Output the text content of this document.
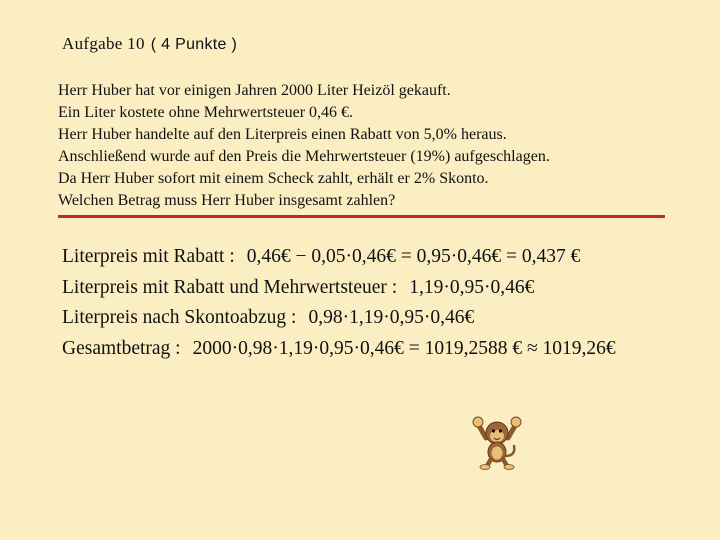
Aufgabe 10 ( 4 Punkte )
Herr Huber hat vor einigen Jahren 2000 Liter Heizöl gekauft.
Ein Liter kostete ohne Mehrwertsteuer 0,46 €.
Herr Huber handelte auf den Literpreis einen Rabatt von 5,0% heraus.
Anschließend wurde auf den Preis die Mehrwertsteuer (19%) aufgeschlagen.
Da Herr Huber sofort mit einem Scheck zahlt, erhält er 2% Skonto.
Welchen Betrag muss Herr Huber insgesamt zahlen?
Literpreis mit Rabatt : 0,46€ − 0,05·0,46€ = 0,95·0,46€ = 0,437 €
Literpreis mit Rabatt und Mehrwertsteuer : 1,19·0,95·0,46€
Literpreis nach Skontoabzug : 0,98·1,19·0,95·0,46€
Gesamtbetrag : 2000·0,98·1,19·0,95·0,46€ = 1019,2588 € ≈ 1019,26€
